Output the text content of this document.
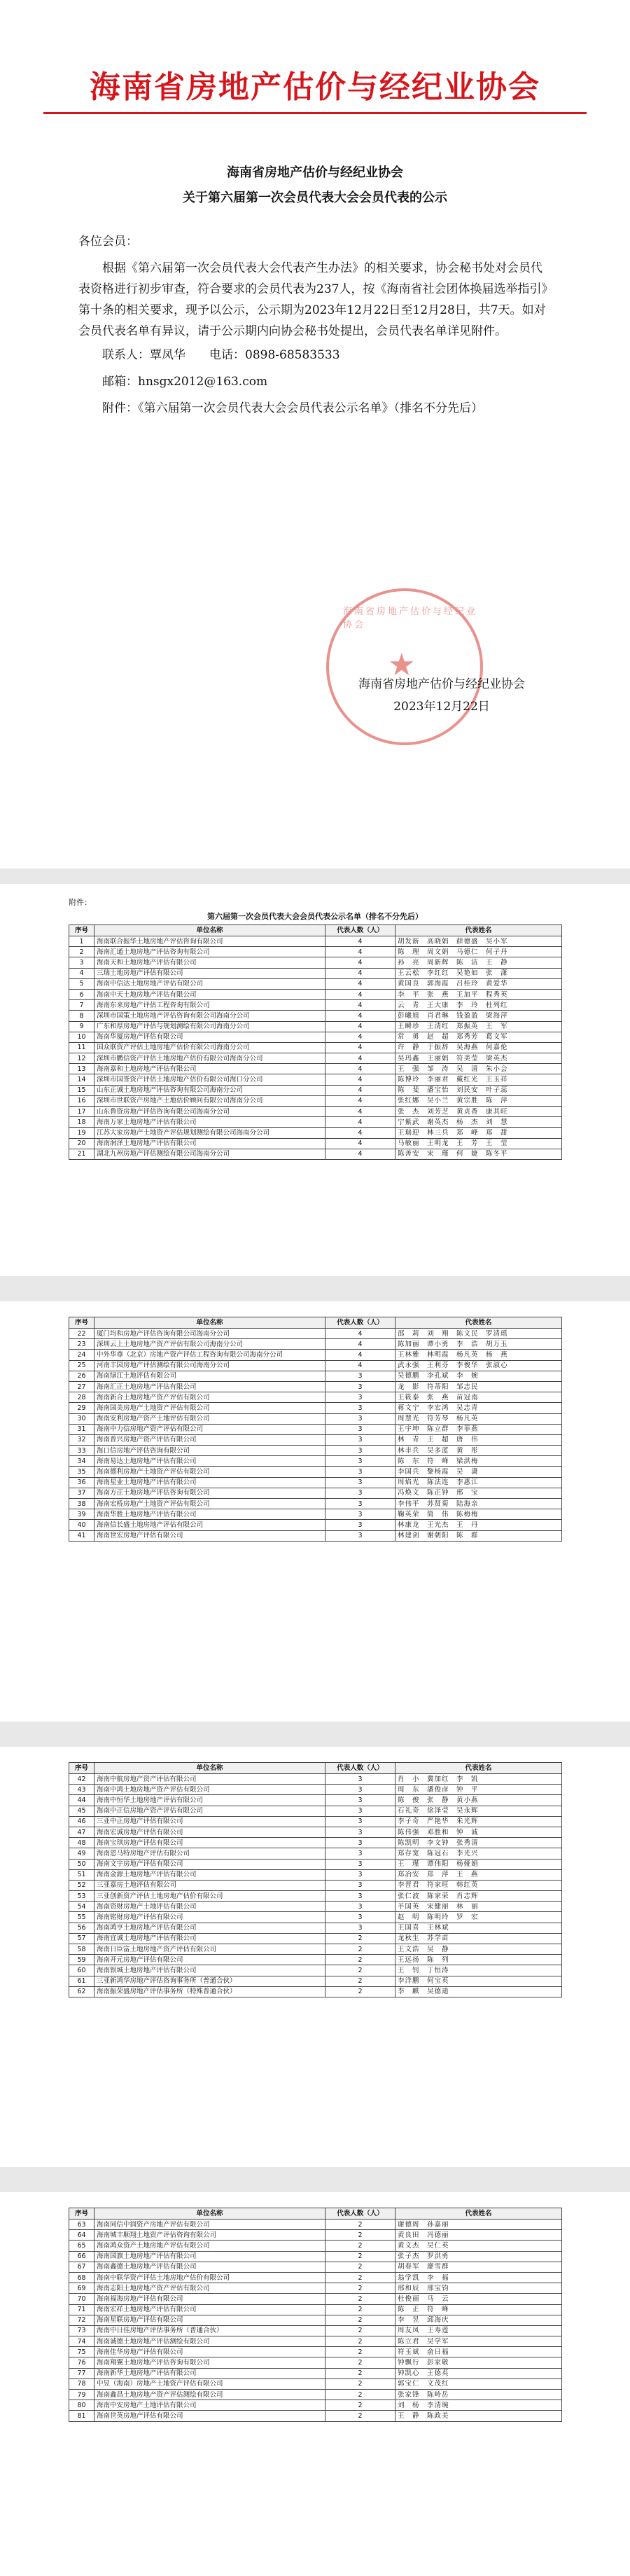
海南省房地产估价与经纪业协会
海南省房地产估价与经纪业协会
关于第六届第一次会员代表大会会员代表的公示

各位会员：

根据《第六届第一次会员代表大会代表产生办法》的相关要求，协会秘书处对会员代表资格进行初步审查，符合要求的会员代表为237人，按《海南省社会团体换届选举指引》第十条的相关要求，现予以公示，公示期为2023年12月22日至12月28日，共7天。如对会员代表名单有异议，请于公示期内向协会秘书处提出，会员代表名单详见附件。

联系人：覃凤华　　电话：0898-68583533

邮箱：hnsgx2012@163.com

附件：《第六届第一次会员代表大会会员代表公示名单》（排名不分先后）

海南省房地产估价与经纪业协会
★
海南省房地产估价与经纪业协会
2023年12月22日
附件：
第六届第一次会员代表大会会员代表公示名单（排名不分先后）
序号	单位名称	代表人数（人）	代表姓名
1	海南联合振华土地房地产评估咨询有限公司	4	胡发新　高晓娟　薛德盛　吴小军
2	海南汇通土地房地产评估咨询有限公司	4	陈　理　周文娟　马德仁　何子丹
3	海南天和土地房地产评估有限公司	4	孙　亮　周新辉　陈　洁　王　静
4	三瑞土地房地产评估有限公司	4	王云松　李红红　吴艳如　张　潇
5	海南中信达土地房地产评估有限公司	4	黄国良　郭海霞　吕桂玲　黄爱华
6	海南中天土地房地产评估有限公司	4	李　平　张　燕　王加平　程秀英
7	海南东来房地产评估工程咨询有限公司	4	云　青　王大康　李　玲　杜列红
8	深圳市国策土地房地产评估咨询有限公司海南分公司	4	彭曦旭　肖君琳　钱盈盈　梁海萍
9	广东和厚房地产评估与规划测绘有限公司海南分公司	4	王瞬珍　王清红　郑振英　王　军
10	海南华厦房地产评估有限公司	4	常　勇　赵　超　郑秀芳　葛文军
11	国众联资产评估土地房地产估价有限公司海南分公司	4	许　静　于振辞　吴海燕　何嘉伦
12	深圳市鹏信资产评估土地房地产估价有限公司海南分公司	4	吴玛鑫　王丽娟　符美莹　梁英杰
13	海南嘉和土地房地产评估有限公司	4	王　强　邹　涛　吴　清　朱小会
14	深圳市国誉资产评估土地房地产估价有限公司海口分公司	4	陈博玲　李丽君　戴红光　王玉祥
15	山东正诚土地房地产评估咨询有限公司海南分公司	4	陈　斐　潘宝怡　刘民安　叶子蕊
16	深圳市世联资产房地产土地估价顾问有限公司海南分公司	4	张红娜　吴小兰　黄宗胜　陈　萍
17	山东鲁资房地产评估咨询有限公司海南分公司	4	张　杰　刘芳芝　黄贞香　康其旺
18	海南万家土地房地产评估有限公司	4	宁紫武　谢英杰　杨　杰　刘　慧
19	江苏大家房地产土地资产评估规划测绘有限公司海南分公司	4	王瑞迎　林三兵　郑　峰　郑　甜
20	海南润泽土地房地产评估有限公司	4	马敏丽　王明龙　王　芳　王　莹
21	湖北九州房地产评估测绘有限公司海南分公司	4	陈善安　宋　瑾　何　婕　陈冬平
序号	单位名称	代表人数（人）	代表姓名
22	厦门均和房地产评估咨询有限公司海南分公司	4	邵　莉　刘　翔　陈文民　罗清瑶
23	深圳云上土地房地产资产评估有限公司海南分公司	4	陈加丽　谭小勇　李　浩　胡万玉
24	中外华尊（北京）房地产资产评估工程咨询有限公司海南分公司	4	王林雅　林明霞　杨凡英　杨　燕
25	河南丰园房地产评估测绘有限公司海南分公司	4	武永强　王利芬　李俊华　张淑心
26	海南绿江土地评估有限公司	3	吴德鹏　李孔斌　李　婉
27	海南汇正土地房地产评估有限公司	3	龙　影　符蒂阳　邹志民
28	海南新合土地房地产资产评估有限公司	3	王筱泰　张　燕　苗冠南
29	海南国美房地产土地资产评估有限公司	3	蒋文宁　李宏鸿　吴志青
30	海南安利房地产资产土地评估有限公司	3	周慧光　符芳琴　杨凡英
31	海南中力信房地产资产评估有限公司	3	王宇坤　陈立群　李菲燕
32	海南普兴房地产资产评估有限公司	3	林　青　王　超　唐　伟
33	海口信房地产评估咨询有限公司	3	林丰兵　吴多蓝　黄　彤
34	海南易达土地房地产评估有限公司	3	陈　东　符　峰　梁洪梅
35	海南德利房地产土地资产评估有限公司	3	李国兵　黎杨霞　吴　潇
36	海南星业土地房地产评估有限公司	3	周焰光　陈法连　李惠江
37	海南方正土地房地产评估咨询有限公司	3	冯焕文　陈正钟　邢　宝
38	海南宏桥房地产土地资产评估有限公司	3	李伟平　苏贤菊　陆海亲
39	海南华胜土地房地产评估有限公司	3	鞠英荣　简　伟　陈梅梅
40	海南信长盛土地房地产评估有限公司	3	林康龙　王光杰　王　丹
41	海南世宏房地产评估有限公司	3	林建剑　谢朝阳　陈　群
序号	单位名称	代表人数（人）	代表姓名
42	海南中航房地产资产评估有限公司	3	肖　小　冀加红　李　凯
43	海南中鸿土地房地产资产评估有限公司	3	周　东　潘俊彦　钟　平
44	海南中恒华土地房地产评估有限公司	3	陈　俊　张　静　黄小燕
45	海南中正信房地产资产评估有限公司	3	石礼奇　徐泽莹　吴永辉
46	三亚中正房地产评估有限公司	3	李子奇　严艳华　朱光辉
47	海南宏诚房地产评估有限公司	3	陈伟强　邓胜和　钟　诚
48	海南宝琪房地产评估有限公司	3	陈凯明　李文钟　张秀清
49	海南恩马特房地产评估有限公司	3	郑存宽　陈冠石　李光兴
50	海南文宇房地产评估有限公司	3	王　瑾　谭伟阳　杨娅娟
51	海南金源土地房地产评估有限公司	3	郑冶安　郑　萍　王　燕
52	三亚嘉房土地评估有限公司	3	李晋君　符家旺　韩红英
53	三亚创新资产评估土地房地产估价有限公司	3	张仁波　陈家荣　肖志辉
54	海南资财房地产土地评估有限公司	3	羊国英　宋健丽　林　丽
55	海南铭财房地产评估有限公司	3	赵　明　陈明玲　罗　宏
56	海南鸿亨土地房地产评估有限公司	3	王国喜　王林斌
57	海南宜诚土地房地产评估有限公司	2	龙秋生　苏学苗
58	海南日臣富土地房地产资产评估有限公司	2	王文浩　吴　静
59	海南开元房地产评估有限公司	2	王远扬　陈　列
60	海南银城土地房地产评估有限公司	2	王　钊　丁恒涛
61	三亚新鸿华房地产评估咨询事务所（普通合伙）	2	李洋鹏　何宝英
62	海南振荣盛房地产评估事务所（特殊普通合伙）	2	李　麒　吴德迪
序号	单位名称	代表人数（人）	代表姓名
63	海南同信中润资产房地产评估有限公司	2	谢德周　孙嘉丽
64	海南城丰顺翔土地资产评估咨询有限公司	2	黄良田　冯德丽
65	海南鸿众资产土地房地产评估有限公司	2	黄文杰　吴仁英
66	海南国旗土地房地产评估有限公司	2	张子杰　罗洪勇
67	海南鑫德土地房地产评估有限公司	2	胡春军　廖雪群
68	海南中联华资产评估土地房地产估价有限公司	2	翁学凯　李　福
69	海南志阳土地房地产资产评估有限公司	2	邢和辰　邢宝钧
70	海南福海房地产评估有限公司	2	杜俊丽　马　云
71	海南宏祥土地房地产评估有限公司	2	陈　正　符　峰
72	海南星联房地产评估有限公司	2	李　昱　邱海庆
73	海南中日佳房地产评估事务所（普通合伙）	2	周友凤　王寿莲
74	海南诚德土地房地产评估测绘有限公司	2	陈立君　吴学军
75	海南佳华房地产评估有限公司	2	符玉斌　俞日福
76	海南翔翼土地房地产评估咨询有限公司	2	钟飘行　彭家敬
77	海南新华土地房地产评估有限公司	2	钟凯心　王德英
78	中昱（海南）房地产土地资产评估有限公司	2	郭宝仁　文茂红
79	海南鑫昌土地房地产资产评估测绘有限公司	2	张家锋　陈岭岳
80	海南中安房地产土地评估有限公司	2	刘　杨　李清琬
81	海南世英房地产评估有限公司	2	王　静　陈政美
